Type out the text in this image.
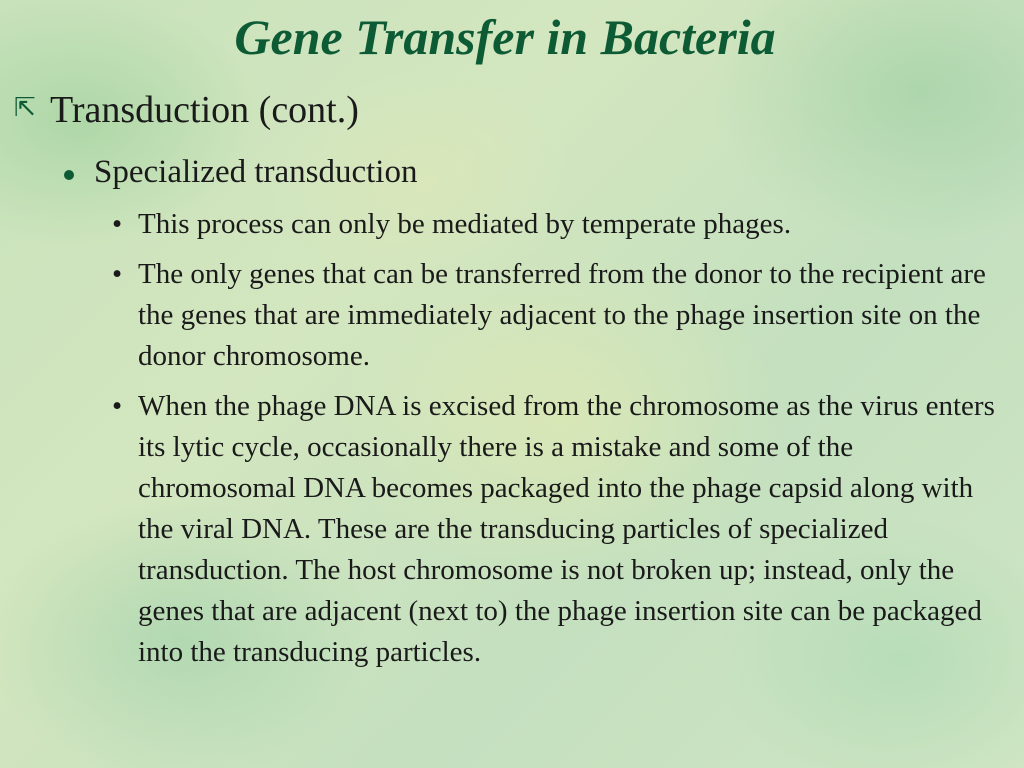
Gene Transfer in Bacteria
⇱ Transduction (cont.)
Specialized transduction
• This process can only be mediated by temperate phages.
• The only genes that can be transferred from the donor to the recipient are the genes that are immediately adjacent to the phage insertion site on the donor chromosome.
• When the phage DNA is excised from the chromosome as the virus enters its lytic cycle, occasionally there is a mistake and some of the chromosomal DNA becomes packaged into the phage capsid along with the viral DNA. These are the transducing particles of specialized transduction. The host chromosome is not broken up; instead, only the genes that are adjacent (next to) the phage insertion site can be packaged into the transducing particles.
